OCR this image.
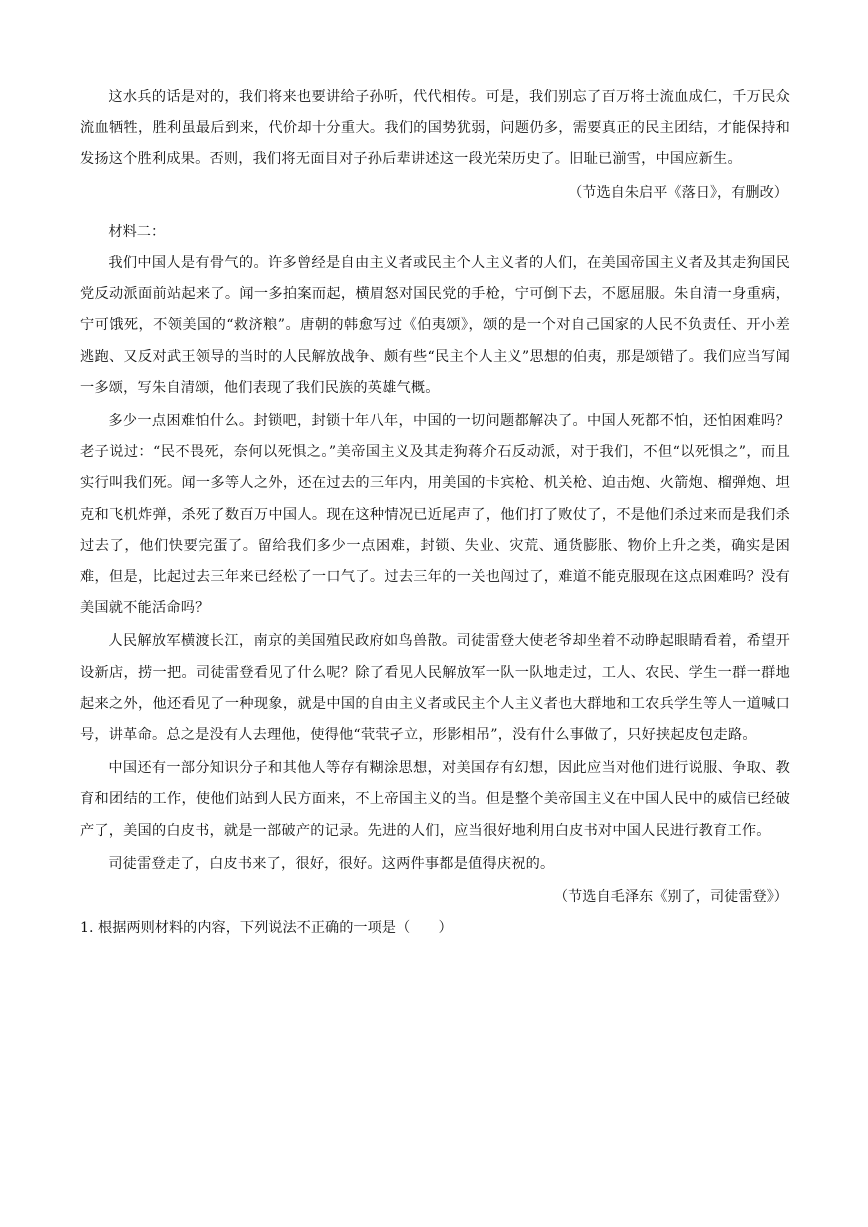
这水兵的话是对的，我们将来也要讲给子孙听，代代相传。可是，我们别忘了百万将士流血成仁，千万民众流血牺牲，胜利虽最后到来，代价却十分重大。我们的国势犹弱，问题仍多，需要真正的民主团结，才能保持和发扬这个胜利成果。否则，我们将无面目对子孙后辈讲述这一段光荣历史了。旧耻已湔雪，中国应新生。

（节选自朱启平《落日》，有删改）

材料二：

我们中国人是有骨气的。许多曾经是自由主义者或民主个人主义者的人们，在美国帝国主义者及其走狗国民党反动派面前站起来了。闻一多拍案而起，横眉怒对国民党的手枪，宁可倒下去，不愿屈服。朱自清一身重病，宁可饿死，不领美国的“救济粮”。唐朝的韩愈写过《伯夷颂》，颂的是一个对自己国家的人民不负责任、开小差逃跑、又反对武王领导的当时的人民解放战争、颇有些“民主个人主义”思想的伯夷，那是颂错了。我们应当写闻一多颂，写朱自清颂，他们表现了我们民族的英雄气概。

多少一点困难怕什么。封锁吧，封锁十年八年，中国的一切问题都解决了。中国人死都不怕，还怕困难吗？老子说过：“民不畏死，奈何以死惧之。”美帝国主义及其走狗蒋介石反动派，对于我们，不但“以死惧之”，而且实行叫我们死。闻一多等人之外，还在过去的三年内，用美国的卡宾枪、机关枪、迫击炮、火箭炮、榴弹炮、坦克和飞机炸弹，杀死了数百万中国人。现在这种情况已近尾声了，他们打了败仗了，不是他们杀过来而是我们杀过去了，他们快要完蛋了。留给我们多少一点困难，封锁、失业、灾荒、通货膨胀、物价上升之类，确实是困难，但是，比起过去三年来已经松了一口气了。过去三年的一关也闯过了，难道不能克服现在这点困难吗？没有美国就不能活命吗？

人民解放军横渡长江，南京的美国殖民政府如鸟兽散。司徒雷登大使老爷却坐着不动睁起眼睛看着，希望开设新店，捞一把。司徒雷登看见了什么呢？除了看见人民解放军一队一队地走过，工人、农民、学生一群一群地起来之外，他还看见了一种现象，就是中国的自由主义者或民主个人主义者也大群地和工农兵学生等人一道喊口号，讲革命。总之是没有人去理他，使得他“茕茕孑立，形影相吊”，没有什么事做了，只好挟起皮包走路。

中国还有一部分知识分子和其他人等存有糊涂思想，对美国存有幻想，因此应当对他们进行说服、争取、教育和团结的工作，使他们站到人民方面来，不上帝国主义的当。但是整个美帝国主义在中国人民中的威信已经破产了，美国的白皮书，就是一部破产的记录。先进的人们，应当很好地利用白皮书对中国人民进行教育工作。

司徒雷登走了，白皮书来了，很好，很好。这两件事都是值得庆祝的。

（节选自毛泽东《别了，司徒雷登》）

1. 根据两则材料的内容，下列说法不正确的一项是（　　）
